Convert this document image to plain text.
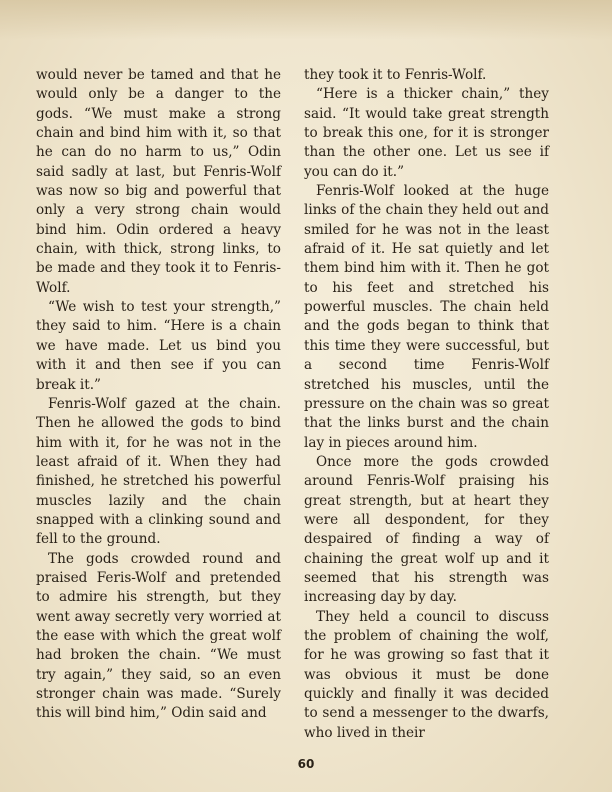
would never be tamed and that he would only be a danger to the gods. “We must make a strong chain and bind him with it, so that he can do no harm to us,” Odin said sadly at last, but Fenris-Wolf was now so big and powerful that only a very strong chain would bind him. Odin ordered a heavy chain, with thick, strong links, to be made and they took it to Fenris-Wolf.

“We wish to test your strength,” they said to him. “Here is a chain we have made. Let us bind you with it and then see if you can break it.”

Fenris-Wolf gazed at the chain. Then he allowed the gods to bind him with it, for he was not in the least afraid of it. When they had finished, he stretched his powerful muscles lazily and the chain snapped with a clinking sound and fell to the ground.

The gods crowded round and praised Feris-Wolf and pretended to admire his strength, but they went away secretly very worried at the ease with which the great wolf had broken the chain. “We must try again,” they said, so an even stronger chain was made. “Surely this will bind him,” Odin said and

they took it to Fenris-Wolf.

“Here is a thicker chain,” they said. “It would take great strength to break this one, for it is stronger than the other one. Let us see if you can do it.”

Fenris-Wolf looked at the huge links of the chain they held out and smiled for he was not in the least afraid of it. He sat quietly and let them bind him with it. Then he got to his feet and stretched his powerful muscles. The chain held and the gods began to think that this time they were successful, but a second time Fenris-Wolf stretched his muscles, until the pressure on the chain was so great that the links burst and the chain lay in pieces around him.

Once more the gods crowded around Fenris-Wolf praising his great strength, but at heart they were all despondent, for they despaired of finding a way of chaining the great wolf up and it seemed that his strength was increasing day by day.

They held a council to discuss the problem of chaining the wolf, for he was growing so fast that it was obvious it must be done quickly and finally it was decided to send a messenger to the dwarfs, who lived in their

60
